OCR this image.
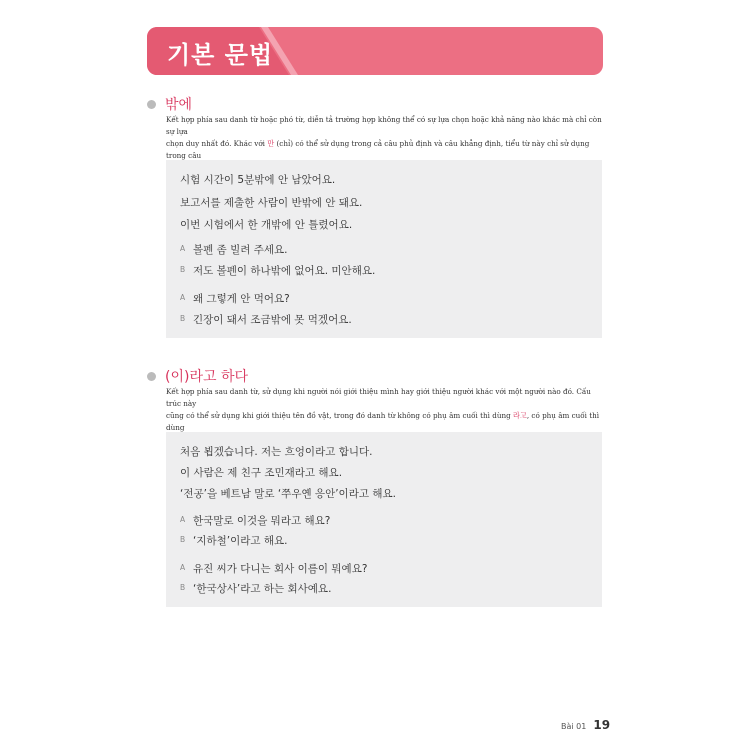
기본 문법
밖에
Kết hợp phía sau danh từ hoặc phó từ, diễn tả trường hợp không thể có sự lựa chọn hoặc khả năng nào khác mà chỉ còn sự lựa
chọn duy nhất đó. Khác với 만 (chỉ) có thể sử dụng trong cả câu phủ định và câu khẳng định, tiểu từ này chỉ sử dụng trong câu
시험 시간이 5분밖에 안 남았어요.
보고서를 제출한 사람이 반밖에 안 돼요.
이번 시험에서 한 개밖에 안 틀렸어요.
A 볼펜 좀 빌려 주세요.
B 저도 볼펜이 하나밖에 없어요. 미안해요.
A 왜 그렇게 안 먹어요?
B 긴장이 돼서 조금밖에 못 먹겠어요.
(이)라고 하다
Kết hợp phía sau danh từ, sử dụng khi người nói giới thiệu mình hay giới thiệu người khác với một người nào đó. Cấu trúc này
cũng có thể sử dụng khi giới thiệu tên đồ vật, trong đó danh từ không có phụ âm cuối thì dùng 라고, có phụ âm cuối thì dùng
처음 뵙겠습니다. 저는 흐엉이라고 합니다.
이 사람은 제 친구 조민재라고 해요.
‘전공’을 베트남 말로 ‘쭈우옌 응안’이라고 해요.
A 한국말로 이것을 뭐라고 해요?
B ‘지하철’이라고 해요.
A 유진 씨가 다니는 회사 이름이 뭐예요?
B ‘한국상사’라고 하는 회사예요.
Bài 01 19
